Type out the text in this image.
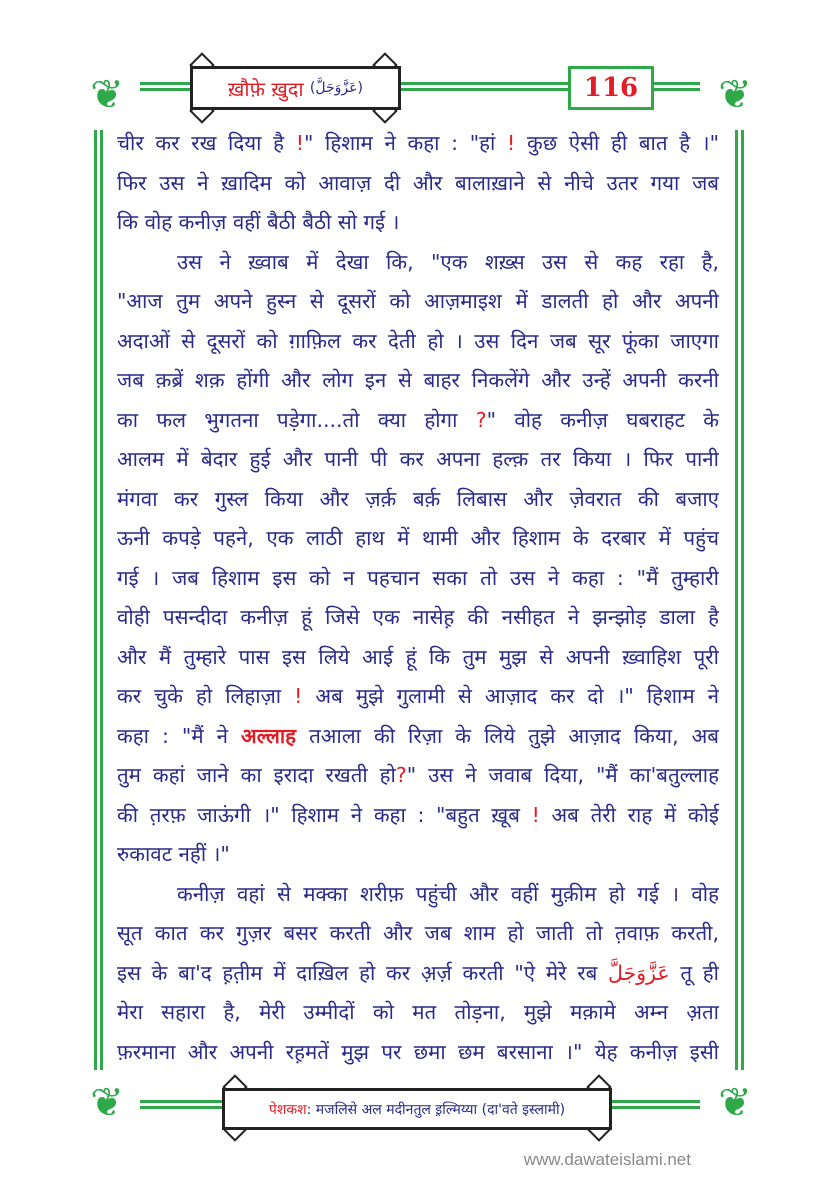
❦	❦
❦	❦
ख़ौफ़े ख़ुदा
(عَزَّوَجَلَّ)	116
चीर कर रख दिया है !" हिशाम ने कहा : "हां ! कुछ ऐसी ही बात है ।"
फिर उस ने ख़ादिम को आवाज़ दी और बालाख़ाने से नीचे उतर गया जब
कि वोह कनीज़ वहीं बैठी बैठी सो गई ।
उस ने ख़्वाब में देखा कि, "एक शख़्स उस से कह रहा है,
"आज तुम अपने हुस्न से दूसरों को आज़माइश में डालती हो और अपनी
अदाओं से दूसरों को ग़ाफ़िल कर देती हो । उस दिन जब सूर फूंका जाएगा
जब क़ब्रें शक़ होंगी और लोग इन से बाहर निकलेंगे और उन्हें अपनी करनी
का फल भुगतना पड़ेगा....तो क्या होगा ?" वोह कनीज़ घबराहट के
आलम में बेदार हुई और पानी पी कर अपना हल्क़ तर किया । फिर पानी
मंगवा कर गुस्ल किया और ज़र्क़ बर्क़ लिबास और ज़ेवरात की बजाए
ऊनी कपड़े पहने, एक लाठी हाथ में थामी और हिशाम के दरबार में पहुंच
गई । जब हिशाम इस को न पहचान सका तो उस ने कहा : "मैं तुम्हारी
वोही पसन्दीदा कनीज़ हूं जिसे एक नासेह़ की नसीहत ने झन्झोड़ डाला है
और मैं तुम्हारे पास इस लिये आई हूं कि तुम मुझ से अपनी ख़्वाहिश पूरी
कर चुके हो लिहाज़ा ! अब मुझे गुलामी से आज़ाद कर दो ।" हिशाम ने
कहा : "मैं ने अल्लाह तआला की रिज़ा के लिये तुझे आज़ाद किया, अब
तुम कहां जाने का इरादा रखती हो?" उस ने जवाब दिया, "मैं का'बतुल्लाह
की त़रफ़ जाऊंगी ।" हिशाम ने कहा : "बहुत ख़ूब ! अब तेरी राह में कोई
रुकावट नहीं ।"
कनीज़ वहां से मक्का शरीफ़ पहुंची और वहीं मुक़ीम हो गई । वोह
सूत कात कर गुज़र बसर करती और जब शाम हो जाती तो त़वाफ़ करती,
इस के बा'द ह़त़ीम में दाख़िल हो कर अ़र्ज़ करती "ऐ मेरे रब عَزَّوَجَلَّ तू ही
मेरा सहारा है, मेरी उम्मीदों को मत तोड़ना, मुझे मक़ामे अम्न अ़ता
फ़रमाना और अपनी रह़मतें मुझ पर छमा छम बरसाना ।" येह कनीज़ इसी
पेशकश : मजलिसे अल मदीनतुल इ़ल्मिय्या (दा'वते इस्लामी)
www.dawateislami.net
